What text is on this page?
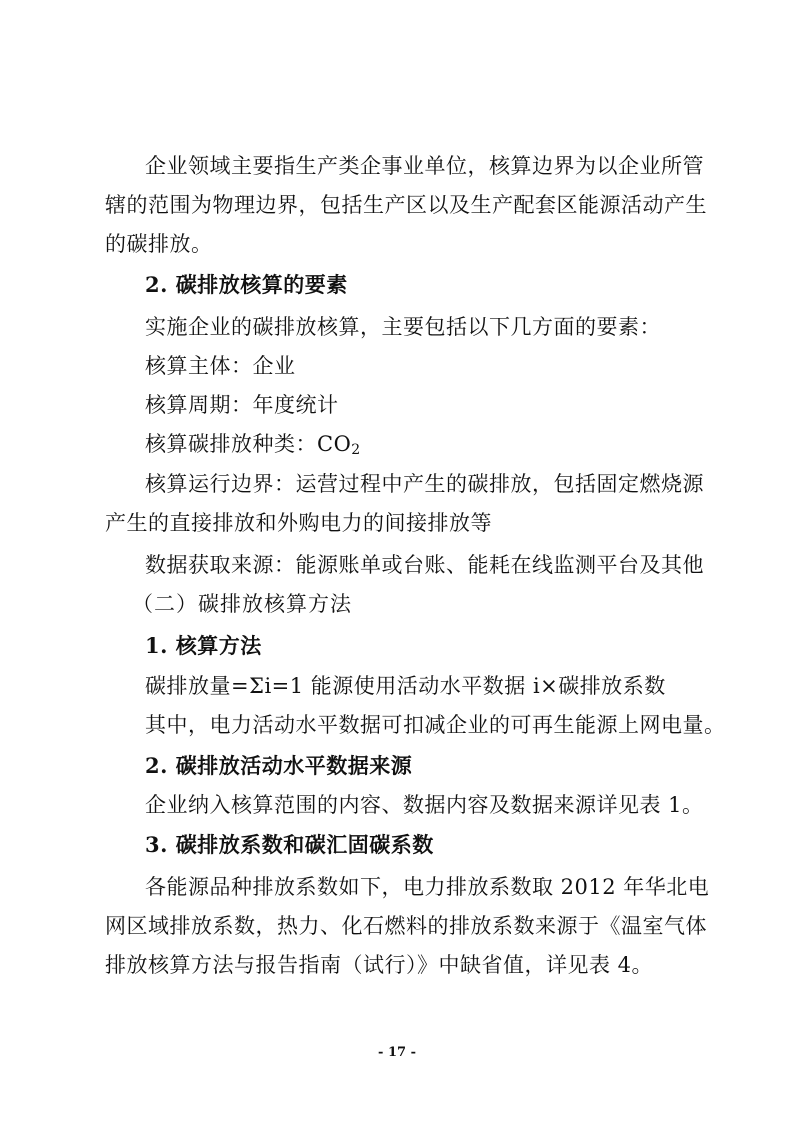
企业领域主要指生产类企事业单位，核算边界为以企业所管
辖的范围为物理边界，包括生产区以及生产配套区能源活动产生
的碳排放。
2. 碳排放核算的要素
实施企业的碳排放核算，主要包括以下几方面的要素：
核算主体：企业
核算周期：年度统计
核算碳排放种类：$CO_2$
核算运行边界：运营过程中产生的碳排放，包括固定燃烧源
产生的直接排放和外购电力的间接排放等
数据获取来源：能源账单或台账、能耗在线监测平台及其他
（二）碳排放核算方法
1. 核算方法
碳排放量=Σi=1 能源使用活动水平数据 i×碳排放系数
其中，电力活动水平数据可扣减企业的可再生能源上网电量。
2. 碳排放活动水平数据来源
企业纳入核算范围的内容、数据内容及数据来源详见表 1。
3. 碳排放系数和碳汇固碳系数
各能源品种排放系数如下，电力排放系数取 2012 年华北电
网区域排放系数，热力、化石燃料的排放系数来源于《温室气体
排放核算方法与报告指南（试行）》中缺省值，详见表 4。
- 17 -
